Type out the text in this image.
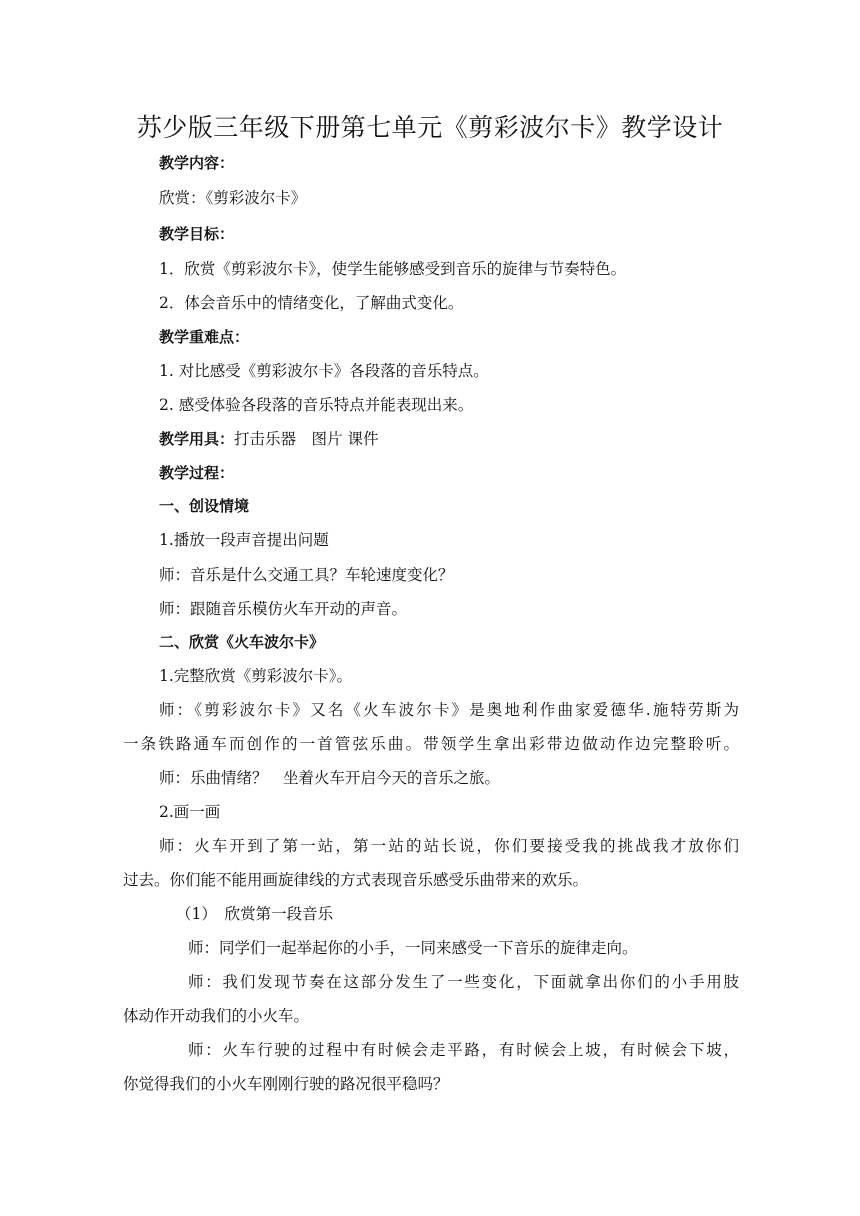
苏少版三年级下册第七单元《剪彩波尔卡》教学设计
教学内容：
欣赏：《剪彩波尔卡》
教学目标：
1．欣赏《剪彩波尔卡》，使学生能够感受到音乐的旋律与节奏特色。
2．体会音乐中的情绪变化，了解曲式变化。
教学重难点：
1. 对比感受《剪彩波尔卡》各段落的音乐特点。
2. 感受体验各段落的音乐特点并能表现出来。
教学用具：打击乐器　图片 课件
教学过程：
一、创设情境
1.播放一段声音提出问题
师：音乐是什么交通工具？车轮速度变化？
师：跟随音乐模仿火车开动的声音。
二、欣赏《火车波尔卡》
1.完整欣赏《剪彩波尔卡》。
师：《剪彩波尔卡》又名《火车波尔卡》是奥地利作曲家爱德华.施特劳斯为
一条铁路通车而创作的一首管弦乐曲。带领学生拿出彩带边做动作边完整聆听。
师：乐曲情绪？　坐着火车开启今天的音乐之旅。
2.画一画
师：火车开到了第一站，第一站的站长说，你们要接受我的挑战我才放你们
过去。你们能不能用画旋律线的方式表现音乐感受乐曲带来的欢乐。
（1）　欣赏第一段音乐
师：同学们一起举起你的小手，一同来感受一下音乐的旋律走向。
师：我们发现节奏在这部分发生了一些变化，下面就拿出你们的小手用肢
体动作开动我们的小火车。
师：火车行驶的过程中有时候会走平路，有时候会上坡，有时候会下坡，
你觉得我们的小火车刚刚行驶的路况很平稳吗？
